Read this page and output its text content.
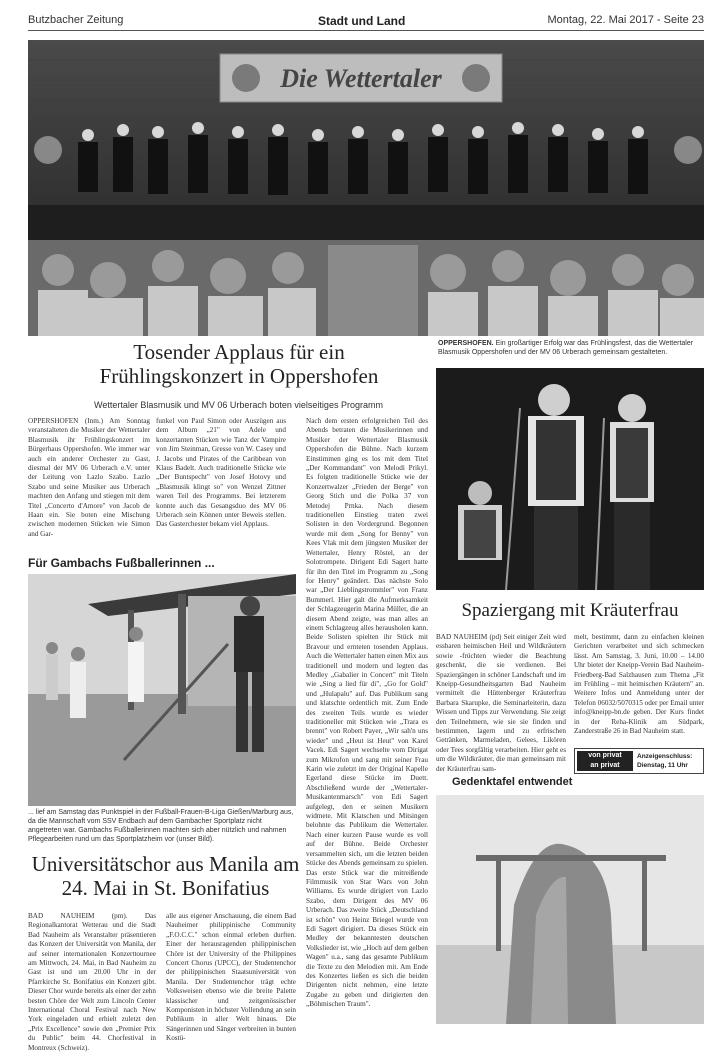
Butzbacher Zeitung	Stadt und Land	Montag, 22. Mai 2017 - Seite 23
Die Wettertaler
OPPERSHOFEN. Ein großartiger Erfolg war das Frühlingsfest, das die Wettertaler Blasmusik Oppershofen und der MV 06 Urberach gemeinsam gestalteten.
Tosender Applaus für ein Frühlingskonzert in Oppershofen
Wettertaler Blasmusik und MV 06 Urberach boten vielseitiges Programm
OPPERSHOFEN (Inm.) Am Sonntag veranstalteten die Musiker der Wettertaler Blasmusik ihr Frühlingskonzert im Bürgerhaus Oppershofen. Wie immer war auch ein anderer Orchester zu Gast, diesmal der MV 06 Urberach e.V. unter der Leitung von Lazlo Szabo. Lazlo Szabo und seine Musiker aus Urberach machten den Anfang und stiegen mit dem Titel „Concerto d'Amore" von Jacob de Haan ein. Sie boten eine Mischung zwischen modernen Stücken wie Simon and Gar-
funkel von Paul Simon oder Auszügen aus dem Album „21" von Adele und konzertanten Stücken wie Tanz der Vampire von Jim Steinman, Gresse von W. Casey und J. Jacobs und Pirates of the Caribbean von Klaus Badelt. Auch traditionelle Stücke wie „Der Buntspecht" von Josef Hotovy und „Blasmusik klingt so" von Wenzel Zittner waren Teil des Programms. Bei letzterem konnte auch das Gesangsduo des MV 06 Urberach sein Können unter Beweis stellen. Das Gasterchester bekam viel Applaus.
Nach dem ersten erfolgreichen Teil des Abends betraten die Musikerinnen und Musiker der Wettertaler Blasmusik Oppershofen die Bühne. Nach kurzem Einstimmen ging es los mit dem Titel „Der Kommandant" von Melodi Prikyl. Es folgten traditionelle Stücke wie der Konzertwalzer „Frieden der Berge" von Georg Stich und die Polka 37 von Metodej Prnka. Nach diesem traditionellen Einstieg traten zwei Solisten in den Vordergrund. Begonnen wurde mit dem „Song for Benny" von Kees Vlak mit dem jüngsten Musiker der Wettertaler, Henry Röstel, an der Solotrompete. Dirigent Edi Sagert hatte für ihn den Titel im Programm zu „Song for Henry" geändert. Das nächste Solo war „Der Lieblingstrommler" von Franz Bummerl. Hier galt die Aufmerksamkeit der Schlagzeugerin Marina Müller, die an diesem Abend zeigte, was man alles an einem Schlagzeug alles herausholen kann. Beide Solisten spielten ihr Stück mit Bravour und ernteten tosenden Applaus. Auch die Wettertaler hatten einen Mix aus traditionell und modern und legten das Medley „Gabalier in Concert" mit Titeln wie „Sing a lied für di", „Go for Gold" und „Hulapalu" auf. Das Publikum sang und klatschte ordentlich mit. Zum Ende des zweiten Teils wurde es wieder traditioneller mit Stücken wie „Trara es brennt" von Robert Payer, „Wir sah'n uns wieder" und „Heut ist Heut" von Karel Vacek. Edi Sagert wechselte vom Dirigat zum Mikrofon und sang mit seiner Frau Karin wie zuletzt im der Original Kapelle Egerland diese Stücke im Duett. Abschließend wurde der „Wettertaler-Musikantenmarsch" von Edi Sagert aufgelegt, den er seinen Musikern widmete. Mit Klatschen und Mitsingen belohnte das Publikum die Wettertaler. Nach einer kurzen Pause wurde es voll auf der Bühne. Beide Orchester versammelten sich, um die letzten beiden Stücke des Abends gemeinsam zu spielen. Das erste Stück war die mitreißende Filmmusik von Star Wars von John Williams. Es wurde dirigiert von Lazlo Szabo, dem Dirigent des MV 06 Urberach. Das zweite Stück „Deutschland ist schön" von Heinz Briegel wurde von Edi Sagert dirigiert. Da dieses Stück ein Medley der bekanntesten deutschen Volkslieder ist, wie „Hoch auf dem gelben Wagen" u.a., sang das gesamte Publikum die Texte zu den Melodien mit. Am Ende des Konzertes ließen es sich die beiden Dirigenten nicht nehmen, eine letzte Zugabe zu geben und dirigierten den „Böhmischen Traum".
Spaziergang mit Kräuterfrau
BAD NAUHEIM (pd) Seit einiger Zeit wird essbaren heimischen Heil und Wildkräutern sowie -früchten wieder die Beachtung geschenkt, die sie verdienen. Bei Spaziergängen in schöner Landschaft und im Kneipp-Gesundheitsgarten Bad Nauheim vermittelt die Hüttenberger Kräuterfrau Barbara Skarupke, die Seminarleiterin, dazu Wissen und Tipps zur Verwendung. Sie zeigt den Teilnehmern, wie sie sie finden und bestimmen, lagern und zu erfrischen Getränken, Marmeladen, Gelees, Likören oder Tees sorgfältig verarbeiten. Hier geht es um die Wildkräuter, die man gemeinsam mit der Kräuterfrau sam-
melt, bestimmt, dann zu einfachen kleinen Gerichten verarbeitet und sich schmecken lässt. Am Samstag, 3. Juni, 10.00 – 14.00 Uhr bietet der Kneipp-Verein Bad Nauheim-Friedberg-Bad Salzhausen zum Thema „Fit im Frühling – mit heimischen Kräutern" an. Weitere Infos und Anmeldung unter der Telefon 06032/5070315 oder per Email unter info@kneipp-bn.de geben. Der Kurs findet in der Reha-Klinik am Südpark, Zanderstraße 26 in Bad Nauheim statt.
von privat
an privat
Anzeigenschluss:
Dienstag, 11 Uhr
Gedenktafel entwendet
Für Gambachs Fußballerinnen ...
... lief am Samstag das Punktspiel in der Fußball-Frauen-B-Liga Gießen/Marburg aus, da die Mannschaft vom SSV Endbach auf dem Gambacher Sportplatz nicht angetreten war. Gambachs Fußballerinnen machten sich aber nützlich und nahmen Pflegearbeiten rund um das Sportplatzheim vor (unser Bild).
Universitätschor aus Manila am 24. Mai in St. Bonifatius
BAD NAUHEIM (pm). Das Regionalkantorat Wetterau und die Stadt Bad Nauheim als Veranstalter präsentieren das Konzert der Universität von Manila, der auf seiner internationalen Konzerttournee am Mittwoch, 24. Mai, in Bad Nauheim zu Gast ist und um 20.00 Uhr in der Pfarrkirche St. Bonifatius ein Konzert gibt. Dieser Chor wurde bereits als einer der zehn besten Chöre der Welt zum Lincoln Center International Choral Festival nach New York eingeladen und erhielt zuletzt den „Prix Excellence" sowie den „Premier Prix du Public" beim 44. Chorfestival in Montreux (Schweiz).
alle aus eigener Anschauung, die einem Bad Nauheimer philippinische Community „F.O.C.C." schon einmal erleben durften. Einer der herausragenden philippinischen Chöre ist der University of the Philippines Concert Chorus (UPCC), der Studentenchor der philippinischen Staatsuniversität von Manila. Der Studentenchor trägt echte Volksweisen ebenso wie die breite Palette klassischer und zeitgenössischer Komponisten in höchster Vollendung an sein Publikum in aller Welt hinaus. Die Sängerinnen und Sänger verbreiten in bunten Kostü-
